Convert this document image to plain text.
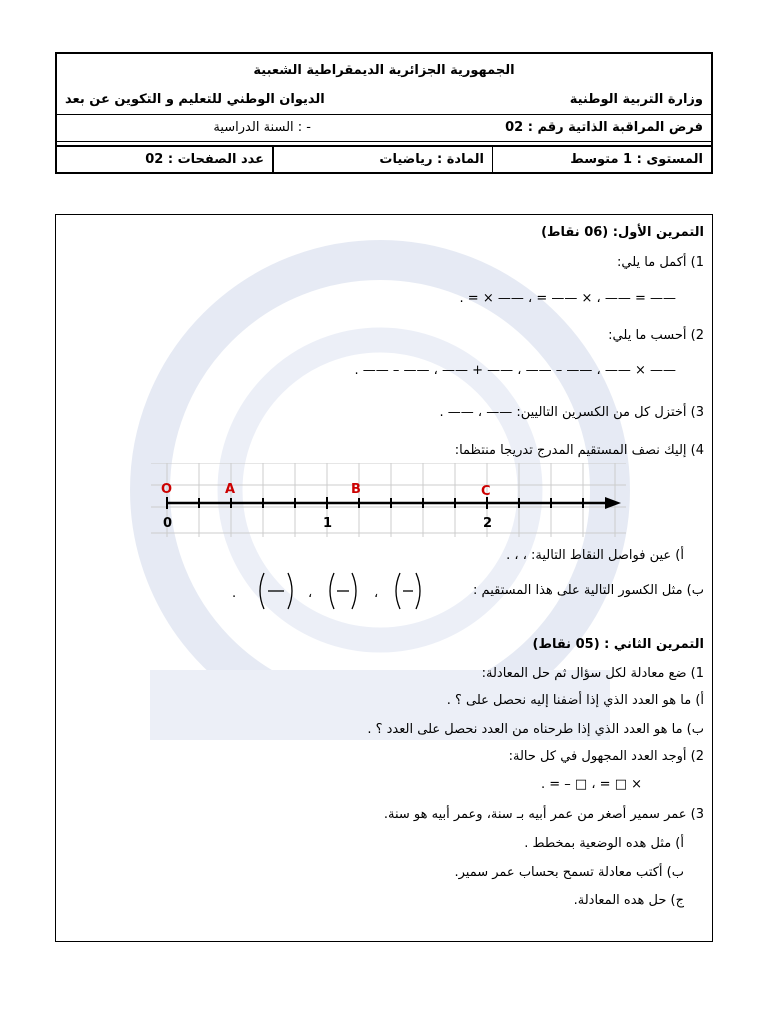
الجمهورية الجزائرية الديمقراطية الشعبية
وزارة التربية الوطنية
الديوان الوطني للتعليم و التكوين عن بعد
فرض المراقبة الذاتية رقم : 02
السنة الدراسية : -
المستوى : 1 متوسط
المادة : رياضيات
عدد الصفحات : 02
التمرين الأول: (06 نقاط)
1) أكمل ما يلي:
—— = —— ، × —— = ، —— × = .
2) أحسب ما يلي:
—— × —— ، —— – —— ، —— + —— ، —— – —— .
3) أختزل كل من الكسرين التاليين: —— ، —— .
4) إليك نصف المستقيم المدرج تدريجا منتظما:
O	A	B	C
0	1	2
أ) عين فواصل النقاط التالية: ، ، .
ب) مثل الكسور التالية على هذا المستقيم :
.	،	،
التمرين الثاني : (05 نقاط)
1) ضع معادلة لكل سؤال ثم حل المعادلة:
أ) ما هو العدد الذي إذا أضفنا إليه نحصل على ؟ .
ب) ما هو العدد الذي إذا طرحناه من العدد نحصل على العدد ؟ .
2) أوجد العدد المجهول في كل حالة:
× □ = ، □ – = .
3) عمر سمير أصغر من عمر أبيه بـ سنة، وعمر أبيه هو سنة.
أ) مثل هده الوضعية بمخطط .
ب) أكتب معادلة تسمح بحساب عمر سمير.
ج) حل هده المعادلة.
